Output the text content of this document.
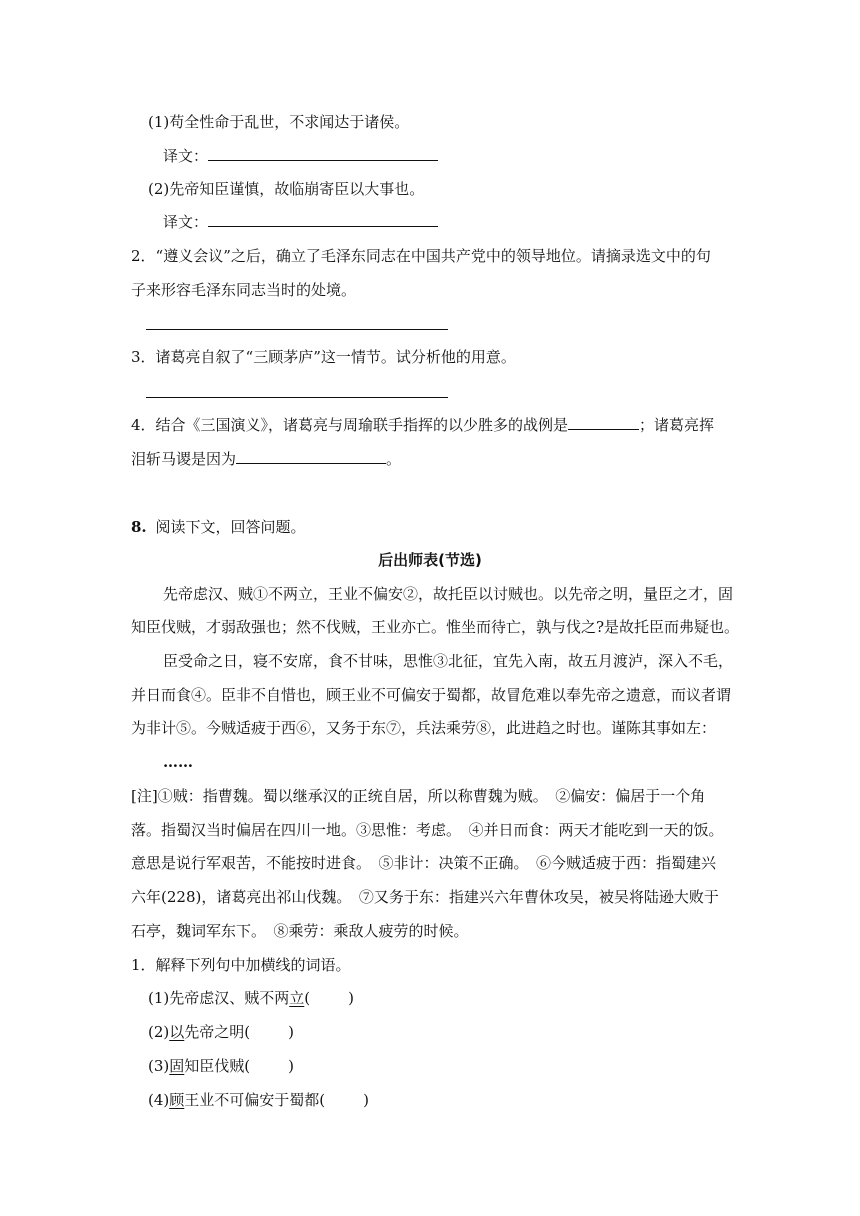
(1)苟全性命于乱世，不求闻达于诸侯。
译文：
(2)先帝知臣谨慎，故临崩寄臣以大事也。
译文：
2．“遵义会议”之后，确立了毛泽东同志在中国共产党中的领导地位。请摘录选文中的句
子来形容毛泽东同志当时的处境。
3．诸葛亮自叙了“三顾茅庐”这一情节。试分析他的用意。
4．结合《三国演义》，诸葛亮与周瑜联手指挥的以少胜多的战例是	；诸葛亮挥
泪斩马谡是因为	。
8. 阅读下文，回答问题。
后出师表(节选)
先帝虑汉、贼①不两立，王业不偏安②，故托臣以讨贼也。以先帝之明，量臣之才，固
知臣伐贼，才弱敌强也；然不伐贼，王业亦亡。惟坐而待亡，孰与伐之?是故托臣而弗疑也。
臣受命之日，寝不安席，食不甘味，思惟③北征，宜先入南，故五月渡泸，深入不毛，
并日而食④。臣非不自惜也，顾王业不可偏安于蜀都，故冒危难以奉先帝之遗意，而议者谓
为非计⑤。今贼适疲于西⑥，又务于东⑦，兵法乘劳⑧，此进趋之时也。谨陈其事如左：
……
[注]①贼：指曹魏。蜀以继承汉的正统自居，所以称曹魏为贼。　②偏安：偏居于一个角
落。指蜀汉当时偏居在四川一地。③思惟：考虑。　④并日而食：两天才能吃到一天的饭。
意思是说行军艰苦，不能按时进食。　⑤非计：决策不正确。　⑥今贼适疲于西：指蜀建兴
六年(228)，诸葛亮出祁山伐魏。　⑦又务于东：指建兴六年曹休攻吴，被吴将陆逊大败于
石亭，魏词军东下。　⑧乘劳：乘敌人疲劳的时候。
1．解释下列句中加横线的词语。
(1)先帝虑汉、贼不两立(	)
(2)以先帝之明(	)
(3)固知臣伐贼(	)
(4)顾王业不可偏安于蜀都(	)
